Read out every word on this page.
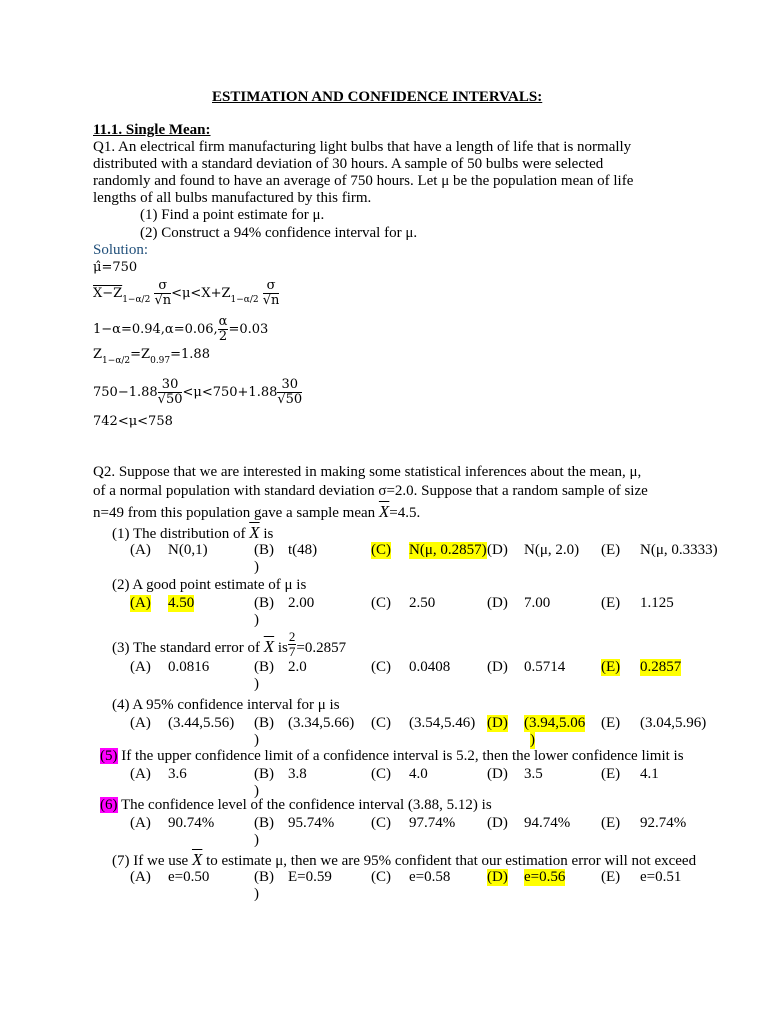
ESTIMATION AND CONFIDENCE INTERVALS:
11.1. Single Mean:
Q1. An electrical firm manufacturing light bulbs that have a length of life that is normally
distributed with a standard deviation of 30 hours. A sample of 50 bulbs were selected
randomly and found to have an average of 750 hours. Let μ be the population mean of life
lengths of all bulbs manufactured by this firm.
(1) Find a point estimate for μ.
(2) Construct a 94% confidence interval for μ.
Solution:
μ̂=750
$X-Z_{1-\alpha/2} \frac{\sigma}{√n} <\mu<X+Z_{1-\alpha/2} \frac{\sigma}{√n}$
1−α=0.94,α=0.06, $\frac{\alpha}{2} =0.03$
$Z_{1-\alpha/2}=Z_{0.97}=1.88$
$750-1.88 \frac{30}{√50} <\mu<750+1.88 \frac{30}{√50}$
742<μ<758
Q2. Suppose that we are interested in making some statistical inferences about the mean, μ,
of a normal population with standard deviation σ=2.0. Suppose that a random sample of size
n=49 from this population gave a sample mean $\overline{X}=4.5$.
(1) The distribution of $\overline{X}$ is
(A) N(0,1)	(B) t(48)	(C) N(μ, 0.2857) (D) N(μ, 2.0) (E) N(μ, 0.3333)
)
(2) A good point estimate of μ is
(A) 4.50	(B) 2.00	(C) 2.50	(D) 7.00	(E) 1.125
)
(3) The standard error of $\overline{X}$ is $\frac{2}{7} =0.2857$
(A) 0.0816	(B) 2.0	(C) 0.0408 (D) 0.5714 (E) 0.2857
)
(4) A 95% confidence interval for μ is
(A) (3.44,5.56) (B) (3.34,5.66) (C) (3.54,5.46) (D) (3.94,5.06 (E) (3.04,5.96)
)	)
(5) If the upper confidence limit of a confidence interval is 5.2, then the lower confidence limit is
(A) 3.6	(B) 3.8	(C) 4.0	(D) 3.5	(E) 4.1
)
(6) The confidence level of the confidence interval (3.88, 5.12) is
(A) 90.74%	(B) 95.74% (C) 97.74% (D) 94.74% (E) 92.74%
)
(7) If we use $\overline{X}$ to estimate μ, then we are 95% confident that our estimation error will not exceed
(A) e=0.50	(B) E=0.59	(C) e=0.58 (D) e=0.56 (E) e=0.51
)
